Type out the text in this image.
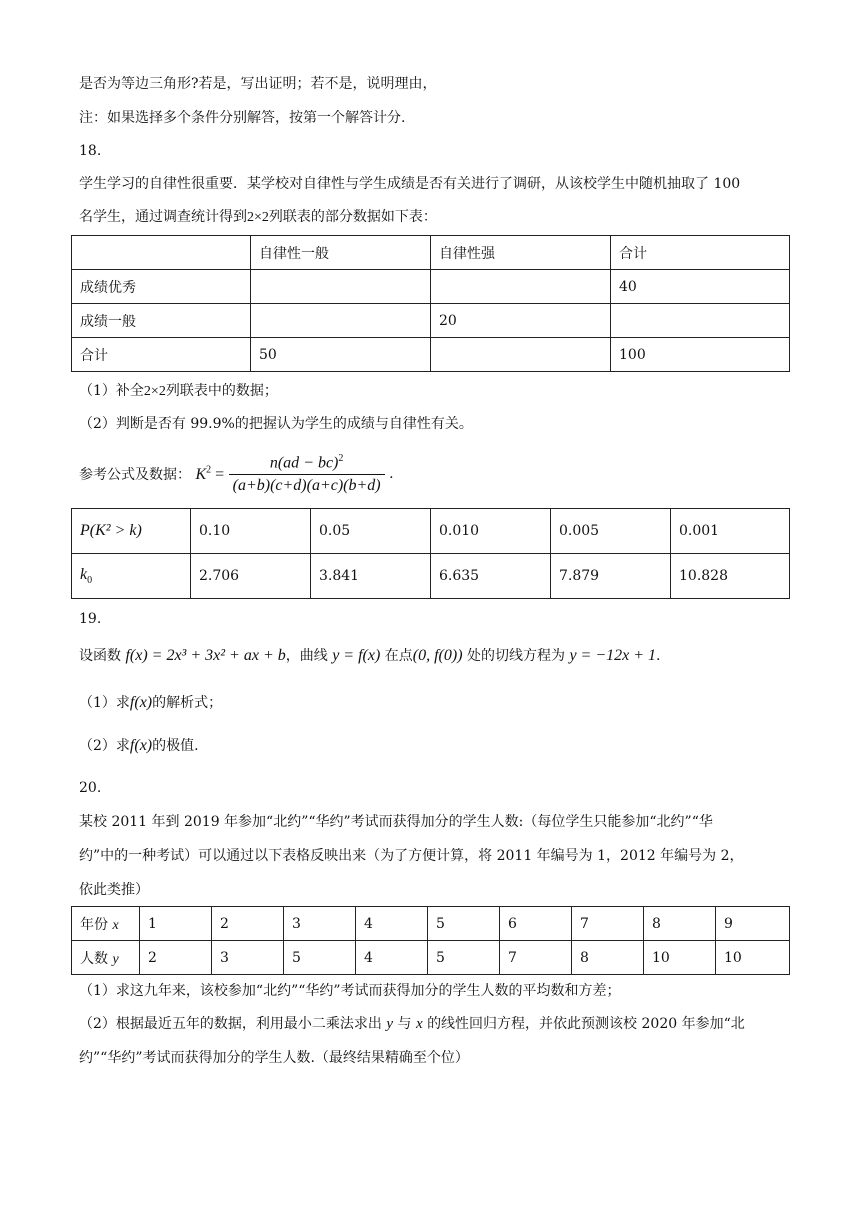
是否为等边三角形?若是，写出证明；若不是，说明理由，
注：如果选择多个条件分别解答，按第一个解答计分.
18.
学生学习的自律性很重要．某学校对自律性与学生成绩是否有关进行了调研，从该校学生中随机抽取了 100
名学生，通过调查统计得到2×2列联表的部分数据如下表：
	自律性一般	自律性强	合计
成绩优秀			40
成绩一般		20	
合计	50		100
（1）补全2×2列联表中的数据；
（2）判断是否有 99.9%的把握认为学生的成绩与自律性有关。
参考公式及数据： $K^2 = \frac{n(ad - bc)^2}{(a+b)(c+d)(a+c)(b+d)}$ .
P(K² > k)	0.10	0.05	0.010	0.005	0.001
$k_0$	2.706	3.841	6.635	7.879	10.828
19.
设函数 f(x) = 2x³ + 3x² + ax + b，曲线 y = f(x) 在点(0, f(0)) 处的切线方程为 y = −12x + 1.
（1）求f(x)的解析式；
（2）求f(x)的极值.
20.
某校 2011 年到 2019 年参加“北约”“华约”考试而获得加分的学生人数:（每位学生只能参加“北约”“华
约”中的一种考试）可以通过以下表格反映出来（为了方便计算，将 2011 年编号为 1，2012 年编号为 2，
依此类推）
年份 x	1	2	3	4	5	6	7	8	9
人数 y	2	3	5	4	5	7	8	10	10
（1）求这九年来，该校参加“北约”“华约”考试而获得加分的学生人数的平均数和方差；
（2）根据最近五年的数据，利用最小二乘法求出 y 与 x 的线性回归方程，并依此预测该校 2020 年参加“北
约”“华约”考试而获得加分的学生人数.（最终结果精确至个位）
